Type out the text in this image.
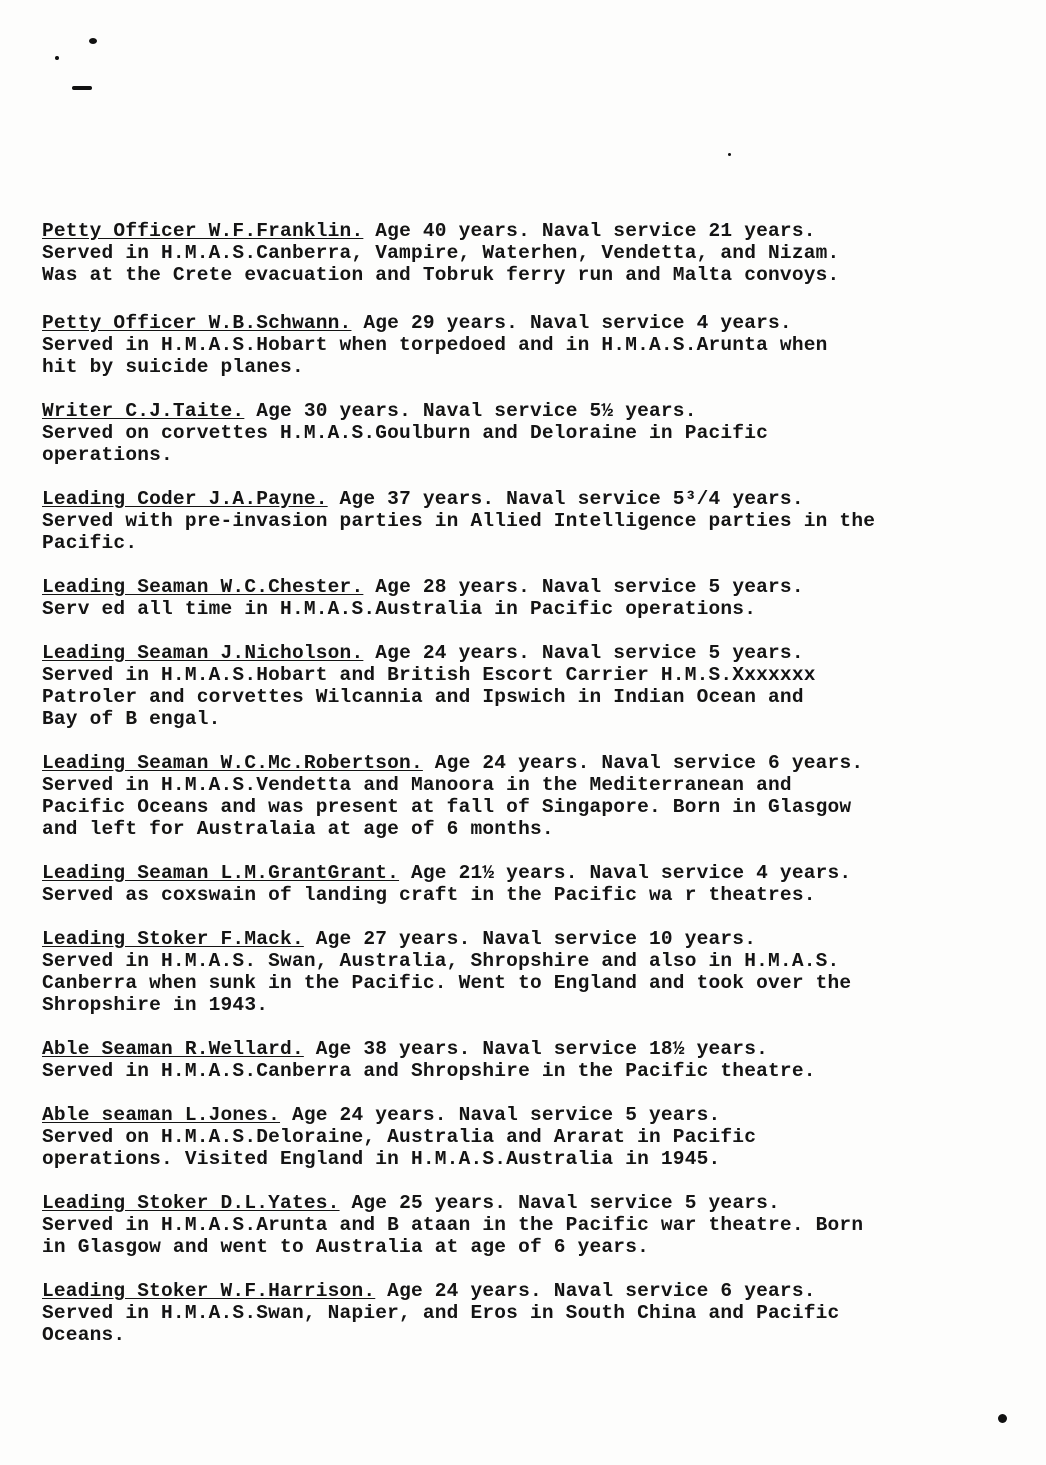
Petty Officer W.F.Franklin. Age 40 years. Naval service 21 years.
Served in H.M.A.S.Canberra, Vampire, Waterhen, Vendetta, and Nizam.
Was at the Crete evacuation and Tobruk ferry run and Malta convoys.
Petty Officer W.B.Schwann. Age 29 years. Naval service 4 years.
Served in H.M.A.S.Hobart when torpedoed and in H.M.A.S.Arunta when
hit by suicide planes.
Writer C.J.Taite. Age 30 years. Naval service 5½ years.
Served on corvettes H.M.A.S.Goulburn and Deloraine in Pacific
operations.
Leading Coder J.A.Payne. Age 37 years. Naval service 5³/4 years.
Served with pre-invasion parties in Allied Intelligence parties in the
Pacific.
Leading Seaman W.C.Chester. Age 28 years. Naval service 5 years.
Serv ed all time in H.M.A.S.Australia in Pacific operations.
Leading Seaman J.Nicholson. Age 24 years. Naval service 5 years.
Served in H.M.A.S.Hobart and British Escort Carrier H.M.S.Xxxxxxx
Patroler and corvettes Wilcannia and Ipswich in Indian Ocean and
Bay of B engal.
Leading Seaman W.C.Mc.Robertson. Age 24 years. Naval service 6 years.
Served in H.M.A.S.Vendetta and Manoora in the Mediterranean and
Pacific Oceans and was present at fall of Singapore. Born in Glasgow
and left for Australaia at age of 6 months.
Leading Seaman L.M.GrantGrant. Age 21½ years. Naval service 4 years.
Served as coxswain of landing craft in the Pacific wa r theatres.
Leading Stoker F.Mack. Age 27 years. Naval service 10 years.
Served in H.M.A.S. Swan, Australia, Shropshire and also in H.M.A.S.
Canberra when sunk in the Pacific. Went to England and took over the
Shropshire in 1943.
Able Seaman R.Wellard. Age 38 years. Naval service 18½ years.
Served in H.M.A.S.Canberra and Shropshire in the Pacific theatre.
Able seaman L.Jones. Age 24 years. Naval service 5 years.
Served on H.M.A.S.Deloraine, Australia and Ararat in Pacific
operations. Visited England in H.M.A.S.Australia in 1945.
Leading Stoker D.L.Yates. Age 25 years. Naval service 5 years.
Served in H.M.A.S.Arunta and B ataan in the Pacific war theatre. Born
in Glasgow and went to Australia at age of 6 years.
Leading Stoker W.F.Harrison. Age 24 years. Naval service 6 years.
Served in H.M.A.S.Swan, Napier, and Eros in South China and Pacific
Oceans.
